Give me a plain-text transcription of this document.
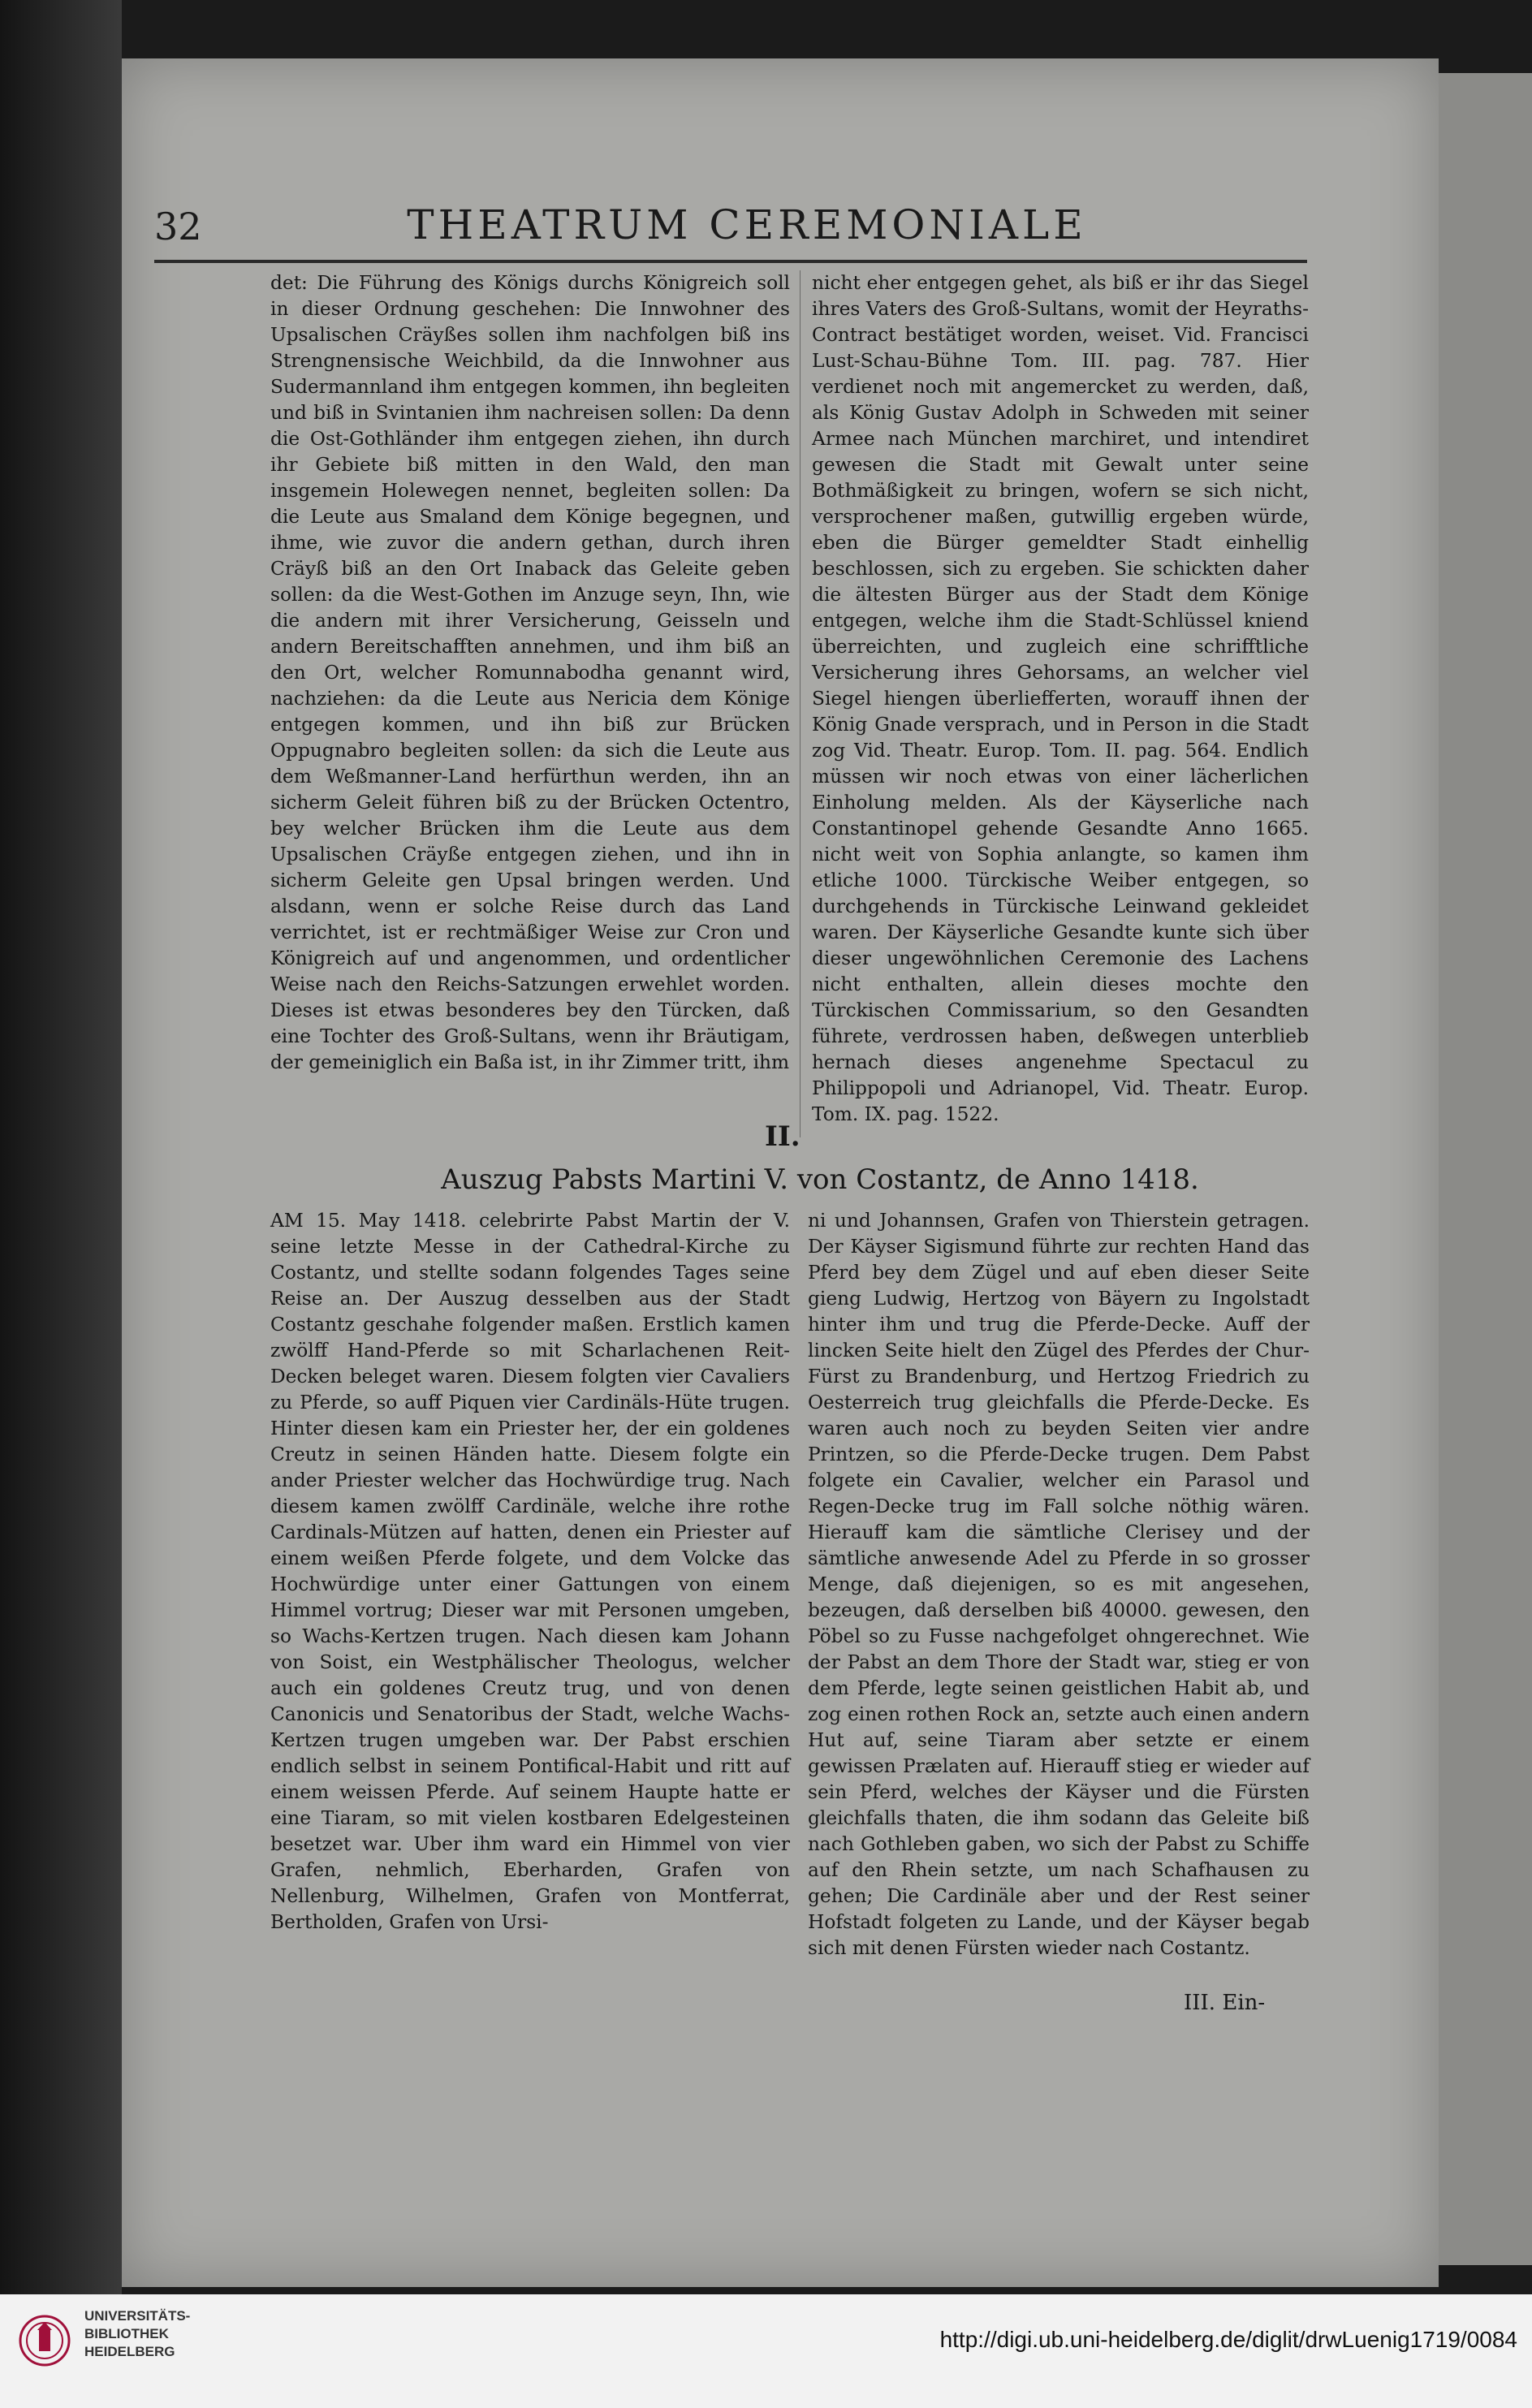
32	THEATRUM CEREMONIALE

det: Die Führung des Königs durchs Königreich soll in dieser Ordnung geschehen: Die Innwohner des Upsalischen Cräyßes sollen ihm nachfolgen biß ins Strengnensische Weichbild, da die Innwohner aus Sudermannland ihm entgegen kommen, ihn begleiten und biß in Svintanien ihm nachreisen sollen: Da denn die Ost-Gothländer ihm entgegen ziehen, ihn durch ihr Gebiete biß mitten in den Wald, den man insgemein Holewegen nennet, begleiten sollen: Da die Leute aus Smaland dem Könige begegnen, und ihme, wie zuvor die andern gethan, durch ihren Cräyß biß an den Ort Inaback das Geleite geben sollen: da die West-Gothen im Anzuge seyn, Ihn, wie die andern mit ihrer Versicherung, Geisseln und andern Bereitschafften annehmen, und ihm biß an den Ort, welcher Romunnabodha genannt wird, nachziehen: da die Leute aus Nericia dem Könige entgegen kommen, und ihn biß zur Brücken Oppugnabro begleiten sollen: da sich die Leute aus dem Weßmanner-Land herfürthun werden, ihn an sicherm Geleit führen biß zu der Brücken Octentro, bey welcher Brücken ihm die Leute aus dem Upsalischen Cräyße entgegen ziehen, und ihn in sicherm Geleite gen Upsal bringen werden. Und alsdann, wenn er solche Reise durch das Land verrichtet, ist er rechtmäßiger Weise zur Cron und Königreich auf und angenommen, und ordentlicher Weise nach den Reichs-Satzungen erwehlet worden. Dieses ist etwas besonderes bey den Türcken, daß eine Tochter des Groß-Sultans, wenn ihr Bräutigam, der gemeiniglich ein Baßa ist, in ihr Zimmer tritt, ihm

nicht eher entgegen gehet, als biß er ihr das Siegel ihres Vaters des Groß-Sultans, womit der Heyraths-Contract bestätiget worden, weiset. Vid. Francisci Lust-Schau-Bühne Tom. III. pag. 787. Hier verdienet noch mit angemercket zu werden, daß, als König Gustav Adolph in Schweden mit seiner Armee nach München marchiret, und intendiret gewesen die Stadt mit Gewalt unter seine Bothmäßigkeit zu bringen, wofern se sich nicht, versprochener maßen, gutwillig ergeben würde, eben die Bürger gemeldter Stadt einhellig beschlossen, sich zu ergeben. Sie schickten daher die ältesten Bürger aus der Stadt dem Könige entgegen, welche ihm die Stadt-Schlüssel kniend überreichten, und zugleich eine schrifftliche Versicherung ihres Gehorsams, an welcher viel Siegel hiengen überliefferten, worauff ihnen der König Gnade versprach, und in Person in die Stadt zog Vid. Theatr. Europ. Tom. II. pag. 564. Endlich müssen wir noch etwas von einer lächerlichen Einholung melden. Als der Käyserliche nach Constantinopel gehende Gesandte Anno 1665. nicht weit von Sophia anlangte, so kamen ihm etliche 1000. Türckische Weiber entgegen, so durchgehends in Türckische Leinwand gekleidet waren. Der Käyserliche Gesandte kunte sich über dieser ungewöhnlichen Ceremonie des Lachens nicht enthalten, allein dieses mochte den Türckischen Commissarium, so den Gesandten führete, verdrossen haben, deßwegen unterblieb hernach dieses angenehme Spectacul zu Philippopoli und Adrianopel, Vid. Theatr. Europ. Tom. IX. pag. 1522.

II.
Auszug Pabsts Martini V. von Costantz, de Anno 1418.

AM 15. May 1418. celebrirte Pabst Martin der V. seine letzte Messe in der Cathedral-Kirche zu Costantz, und stellte sodann folgendes Tages seine Reise an. Der Auszug desselben aus der Stadt Costantz geschahe folgender maßen. Erstlich kamen zwölff Hand-Pferde so mit Scharlachenen Reit-Decken beleget waren. Diesem folgten vier Cavaliers zu Pferde, so auff Piquen vier Cardinäls-Hüte trugen. Hinter diesen kam ein Priester her, der ein goldenes Creutz in seinen Händen hatte. Diesem folgte ein ander Priester welcher das Hochwürdige trug. Nach diesem kamen zwölff Cardinäle, welche ihre rothe Cardinals-Mützen auf hatten, denen ein Priester auf einem weißen Pferde folgete, und dem Volcke das Hochwürdige unter einer Gattungen von einem Himmel vortrug; Dieser war mit Personen umgeben, so Wachs-Kertzen trugen. Nach diesen kam Johann von Soist, ein Westphälischer Theologus, welcher auch ein goldenes Creutz trug, und von denen Canonicis und Senatoribus der Stadt, welche Wachs-Kertzen trugen umgeben war. Der Pabst erschien endlich selbst in seinem Pontifical-Habit und ritt auf einem weissen Pferde. Auf seinem Haupte hatte er eine Tiaram, so mit vielen kostbaren Edelgesteinen besetzet war. Uber ihm ward ein Himmel von vier Grafen, nehmlich, Eberharden, Grafen von Nellenburg, Wilhelmen, Grafen von Montferrat, Bertholden, Grafen von Ursi-

ni und Johannsen, Grafen von Thierstein getragen. Der Käyser Sigismund führte zur rechten Hand das Pferd bey dem Zügel und auf eben dieser Seite gieng Ludwig, Hertzog von Bäyern zu Ingolstadt hinter ihm und trug die Pferde-Decke. Auff der lincken Seite hielt den Zügel des Pferdes der Chur-Fürst zu Brandenburg, und Hertzog Friedrich zu Oesterreich trug gleichfalls die Pferde-Decke. Es waren auch noch zu beyden Seiten vier andre Printzen, so die Pferde-Decke trugen. Dem Pabst folgete ein Cavalier, welcher ein Parasol und Regen-Decke trug im Fall solche nöthig wären. Hierauff kam die sämtliche Clerisey und der sämtliche anwesende Adel zu Pferde in so grosser Menge, daß diejenigen, so es mit angesehen, bezeugen, daß derselben biß 40000. gewesen, den Pöbel so zu Fusse nachgefolget ohngerechnet. Wie der Pabst an dem Thore der Stadt war, stieg er von dem Pferde, legte seinen geistlichen Habit ab, und zog einen rothen Rock an, setzte auch einen andern Hut auf, seine Tiaram aber setzte er einem gewissen Prælaten auf. Hierauff stieg er wieder auf sein Pferd, welches der Käyser und die Fürsten gleichfalls thaten, die ihm sodann das Geleite biß nach Gothleben gaben, wo sich der Pabst zu Schiffe auf den Rhein setzte, um nach Schafhausen zu gehen; Die Cardinäle aber und der Rest seiner Hofstadt folgeten zu Lande, und der Käyser begab sich mit denen Fürsten wieder nach Costantz.

III. Ein-
UNIVERSITÄTS-
BIBLIOTHEK
HEIDELBERG	http://digi.ub.uni-heidelberg.de/diglit/drwLuenig1719/0084
